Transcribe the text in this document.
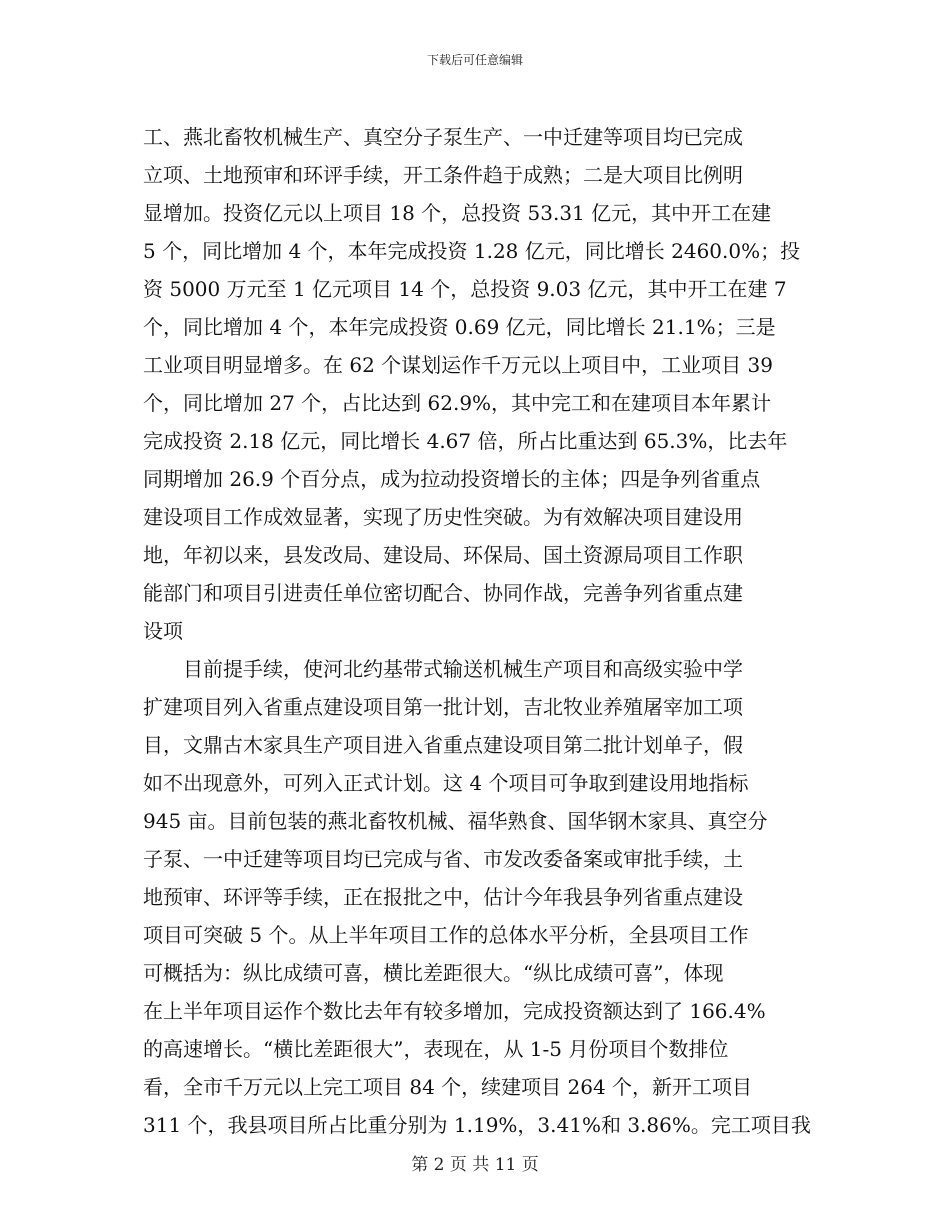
下载后可任意编辑
工、燕北畜牧机械生产、真空分子泵生产、一中迁建等项目均已完成
立项、土地预审和环评手续，开工条件趋于成熟；二是大项目比例明
显增加。投资亿元以上项目 18 个，总投资 53.31 亿元，其中开工在建
5 个，同比增加 4 个，本年完成投资 1.28 亿元，同比增长 2460.0%；投
资 5000 万元至 1 亿元项目 14 个，总投资 9.03 亿元，其中开工在建 7
个，同比增加 4 个，本年完成投资 0.69 亿元，同比增长 21.1%；三是
工业项目明显增多。在 62 个谋划运作千万元以上项目中，工业项目 39
个，同比增加 27 个，占比达到 62.9%，其中完工和在建项目本年累计
完成投资 2.18 亿元，同比增长 4.67 倍，所占比重达到 65.3%，比去年
同期增加 26.9 个百分点，成为拉动投资增长的主体；四是争列省重点
建设项目工作成效显著，实现了历史性突破。为有效解决项目建设用
地，年初以来，县发改局、建设局、环保局、国土资源局项目工作职
能部门和项目引进责任单位密切配合、协同作战，完善争列省重点建
设项
目前提手续，使河北约基带式输送机械生产项目和高级实验中学
扩建项目列入省重点建设项目第一批计划，吉北牧业养殖屠宰加工项
目，文鼎古木家具生产项目进入省重点建设项目第二批计划单子，假
如不出现意外，可列入正式计划。这 4 个项目可争取到建设用地指标
945 亩。目前包装的燕北畜牧机械、福华熟食、国华钢木家具、真空分
子泵、一中迁建等项目均已完成与省、市发改委备案或审批手续，土
地预审、环评等手续，正在报批之中，估计今年我县争列省重点建设
项目可突破 5 个。从上半年项目工作的总体水平分析，全县项目工作
可概括为：纵比成绩可喜，横比差距很大。“纵比成绩可喜”，体现
在上半年项目运作个数比去年有较多增加，完成投资额达到了 166.4%
的高速增长。“横比差距很大”，表现在，从 1-5 月份项目个数排位
看，全市千万元以上完工项目 84 个，续建项目 264 个，新开工项目
311 个，我县项目所占比重分别为 1.19%，3.41%和 3.86%。完工项目我
第 2 页 共 11 页
